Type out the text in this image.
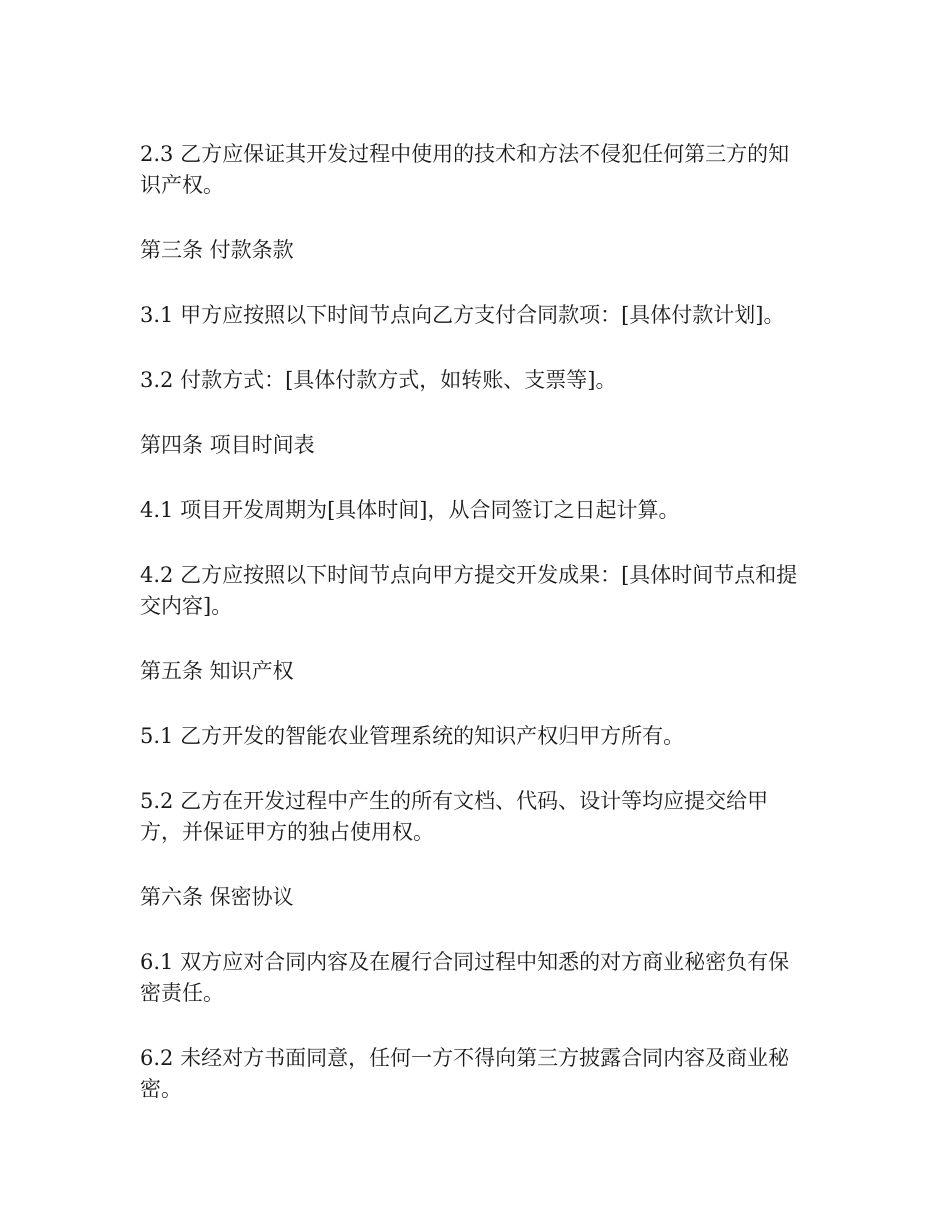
2.3 乙方应保证其开发过程中使用的技术和方法不侵犯任何第三方的知识产权。

第三条 付款条款

3.1 甲方应按照以下时间节点向乙方支付合同款项：[具体付款计划]。

3.2 付款方式：[具体付款方式，如转账、支票等]。

第四条 项目时间表

4.1 项目开发周期为[具体时间]，从合同签订之日起计算。

4.2 乙方应按照以下时间节点向甲方提交开发成果：[具体时间节点和提交内容]。

第五条 知识产权

5.1 乙方开发的智能农业管理系统的知识产权归甲方所有。

5.2 乙方在开发过程中产生的所有文档、代码、设计等均应提交给甲方，并保证甲方的独占使用权。

第六条 保密协议

6.1 双方应对合同内容及在履行合同过程中知悉的对方商业秘密负有保密责任。

6.2 未经对方书面同意，任何一方不得向第三方披露合同内容及商业秘密。
